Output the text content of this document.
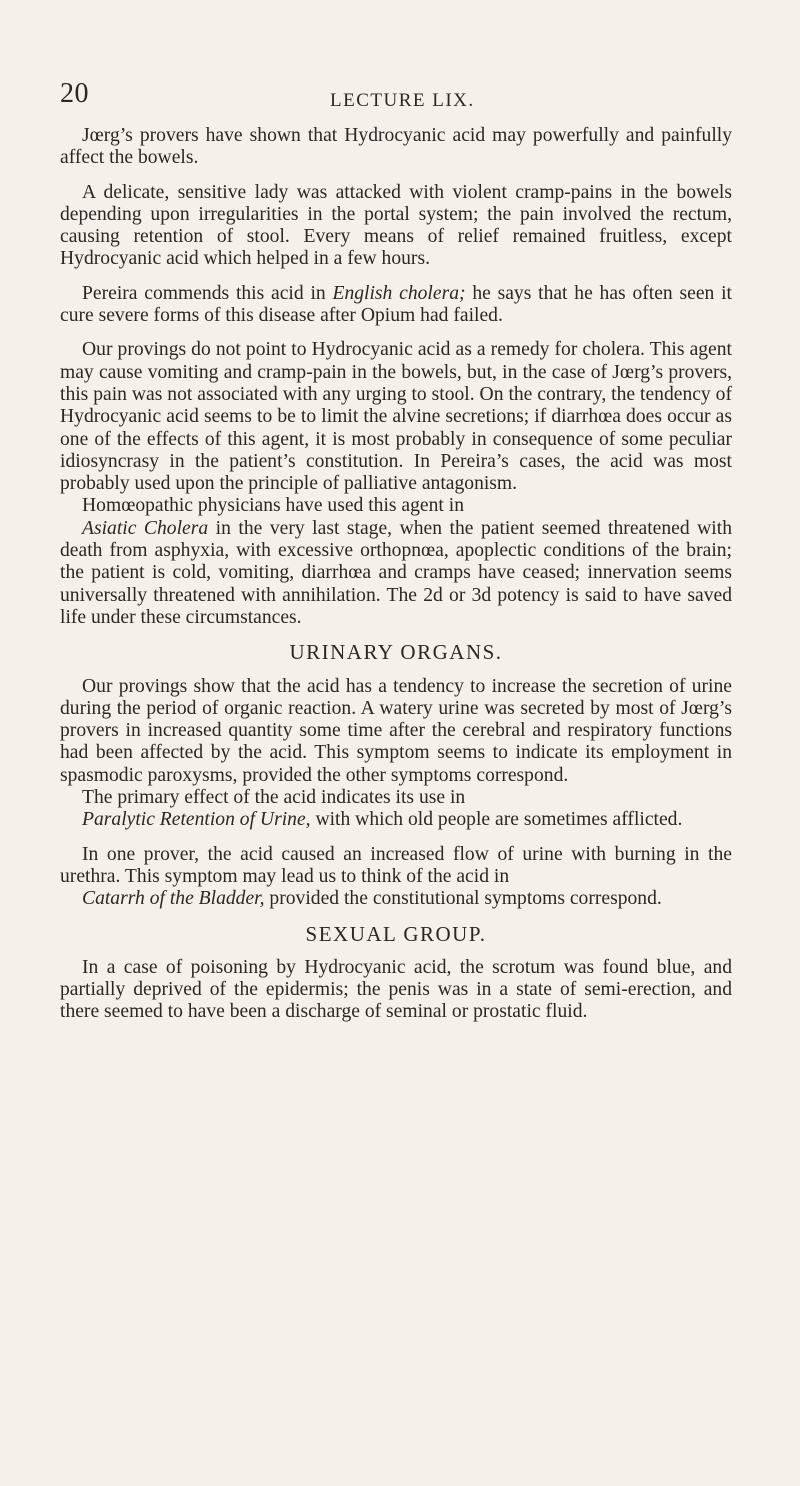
20	LECTURE LIX.

Jœrg’s provers have shown that Hydrocyanic acid may powerfully and painfully affect the bowels.

A delicate, sensitive lady was attacked with violent cramp-pains in the bowels depending upon irregularities in the portal system; the pain involved the rectum, causing retention of stool. Every means of relief remained fruitless, except Hydrocyanic acid which helped in a few hours.

Pereira commends this acid in English cholera; he says that he has often seen it cure severe forms of this disease after Opium had failed.

Our provings do not point to Hydrocyanic acid as a remedy for cholera. This agent may cause vomiting and cramp-pain in the bowels, but, in the case of Jœrg’s provers, this pain was not associated with any urging to stool. On the contrary, the tendency of Hydrocyanic acid seems to be to limit the alvine secretions; if diarrhœa does occur as one of the effects of this agent, it is most probably in consequence of some peculiar idiosyncrasy in the patient’s constitution. In Pereira’s cases, the acid was most probably used upon the principle of palliative antagonism.

Homœopathic physicians have used this agent in

Asiatic Cholera in the very last stage, when the patient seemed threatened with death from asphyxia, with excessive orthopnœa, apoplectic conditions of the brain; the patient is cold, vomiting, diarrhœa and cramps have ceased; innervation seems universally threatened with annihilation. The 2d or 3d potency is said to have saved life under these circumstances.

URINARY ORGANS.

Our provings show that the acid has a tendency to increase the secretion of urine during the period of organic reaction. A watery urine was secreted by most of Jœrg’s provers in increased quantity some time after the cerebral and respiratory functions had been affected by the acid. This symptom seems to indicate its employment in spasmodic paroxysms, provided the other symptoms correspond.

The primary effect of the acid indicates its use in

Paralytic Retention of Urine, with which old people are sometimes afflicted.

In one prover, the acid caused an increased flow of urine with burning in the urethra. This symptom may lead us to think of the acid in

Catarrh of the Bladder, provided the constitutional symptoms correspond.

SEXUAL GROUP.

In a case of poisoning by Hydrocyanic acid, the scrotum was found blue, and partially deprived of the epidermis; the penis was in a state of semi-erection, and there seemed to have been a discharge of seminal or prostatic fluid.
